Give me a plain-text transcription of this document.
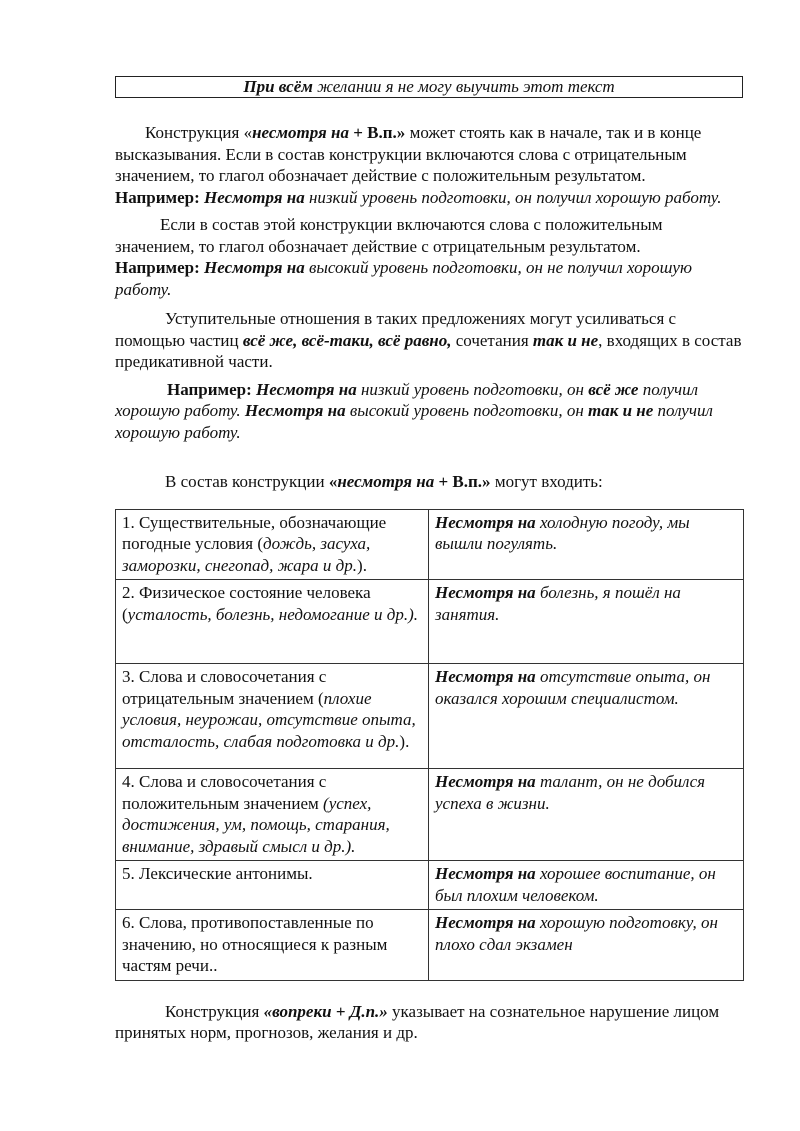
При всём желании я не могу выучить этот текст

Конструкция «несмотря на + В.п.» может стоять как в начале, так и в конце высказывания. Если в состав конструкции включаются слова с отрицательным значением, то глагол обозначает действие с положительным результатом.

Например: Несмотря на низкий уровень подготовки, он получил хорошую работу.

Если в состав этой конструкции включаются слова с положительным значением, то глагол обозначает действие с отрицательным результатом.

Например: Несмотря на высокий уровень подготовки, он не получил хорошую работу.

Уступительные отношения в таких предложениях могут усиливаться с помощью частиц всё же, всё-таки, всё равно, сочетания так и не, входящих в состав предикативной части.

Например: Несмотря на низкий уровень подготовки, он всё же получил хорошую работу. Несмотря на высокий уровень подготовки, он так и не получил хорошую работу.

В состав конструкции «несмотря на + В.п.» могут входить:

1. Существительные, обозначающие погодные условия (дождь, засуха, заморозки, снегопад, жара и др.).	Несмотря на холодную погоду, мы вышли погулять.
2. Физическое состояние человека (усталость, болезнь, недомогание и др.).	Несмотря на болезнь, я пошёл на занятия.
3. Слова и словосочетания с отрицательным значением (плохие условия, неурожаи, отсутствие опыта, отсталость, слабая подготовка и др.).	Несмотря на отсутствие опыта, он оказался хорошим специалистом.
4. Слова и словосочетания с положительным значением (успех, достижения, ум, помощь, старания, внимание, здравый смысл и др.).	Несмотря на талант, он не добился успеха в жизни.
5. Лексические антонимы.	Несмотря на хорошее воспитание, он был плохим человеком.
6. Слова, противопоставленные по значению, но относящиеся к разным частям речи..	Несмотря на хорошую подготовку, он плохо сдал экзамен

Конструкция «вопреки + Д.п.» указывает на сознательное нарушение лицом принятых норм, прогнозов, желания и др.
